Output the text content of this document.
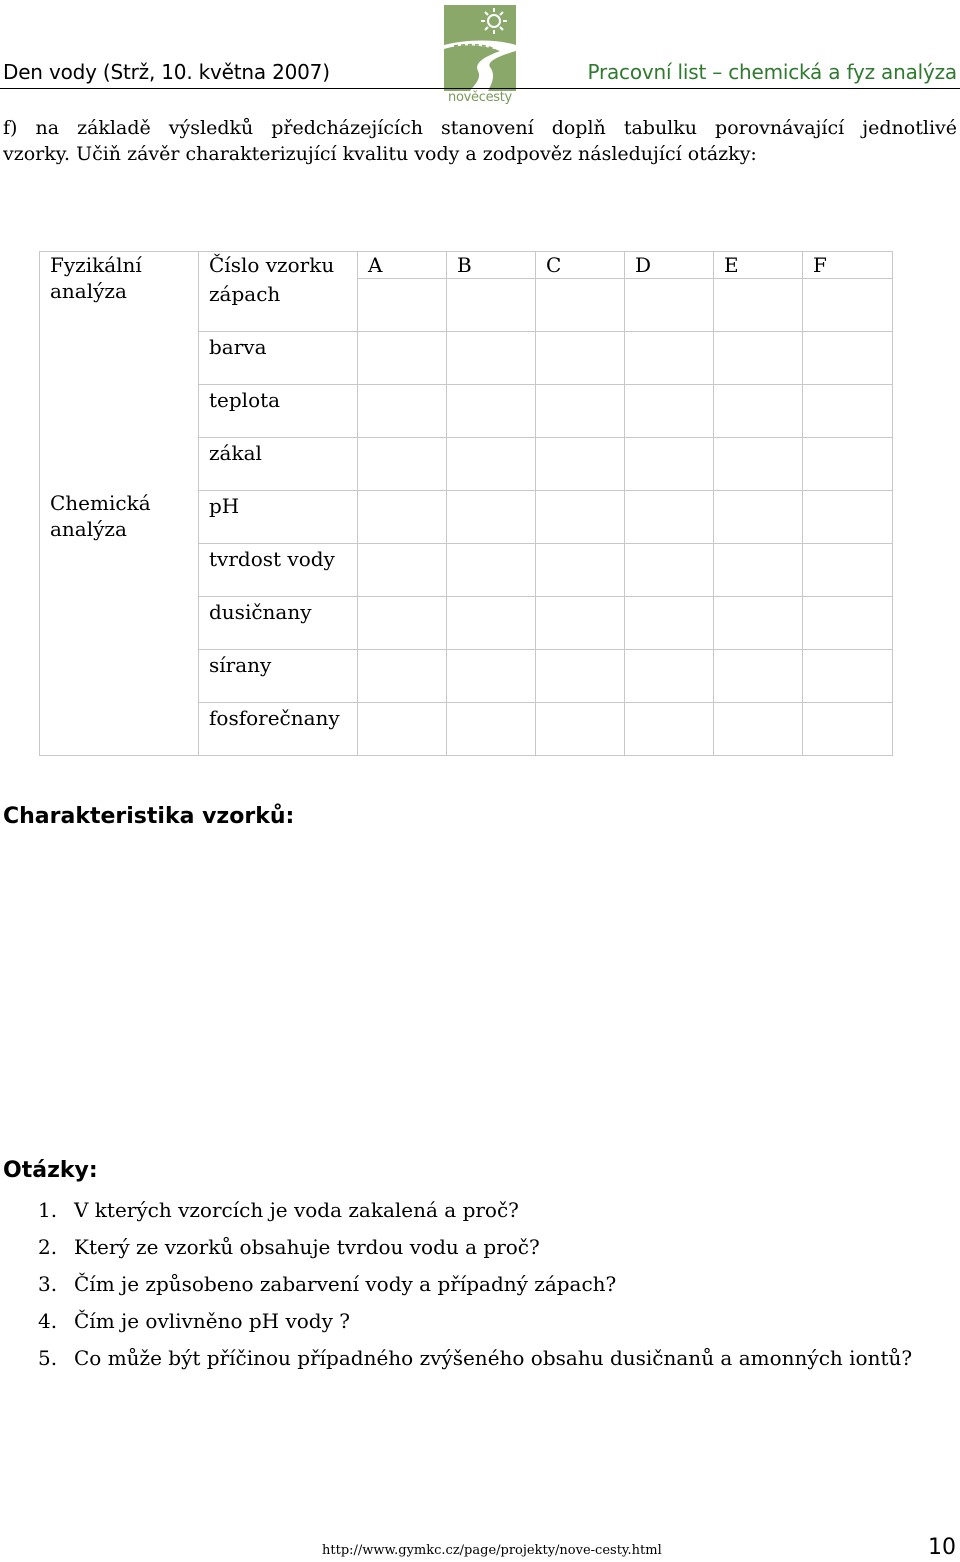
Den vody (Strž, 10. května 2007)
nověcesty
Pracovní list – chemická a fyz analýza
f) na základě výsledků předcházejících stanovení doplň tabulku porovnávající jednotlivé
vzorky. Učiň závěr charakterizující kvalitu vody a zodpověz následující otázky:
Fyzikální analýza	Číslo vzorku	A	B	C	D	E	F
	zápach						
	barva						
	teplota						
	zákal						
Chemická analýza	pH						
	tvrdost vody						
	dusičnany						
	sírany						
	fosforečnany						
Charakteristika vzorků:
Otázky:
1. V kterých vzorcích je voda zakalená a proč?
2. Který ze vzorků obsahuje tvrdou vodu a proč?
3. Čím je způsobeno zabarvení vody a případný zápach?
4. Čím je ovlivněno pH vody ?
5. Co může být příčinou případného zvýšeného obsahu dusičnanů a amonných iontů?
http://www.gymkc.cz/page/projekty/nove-cesty.html	10
